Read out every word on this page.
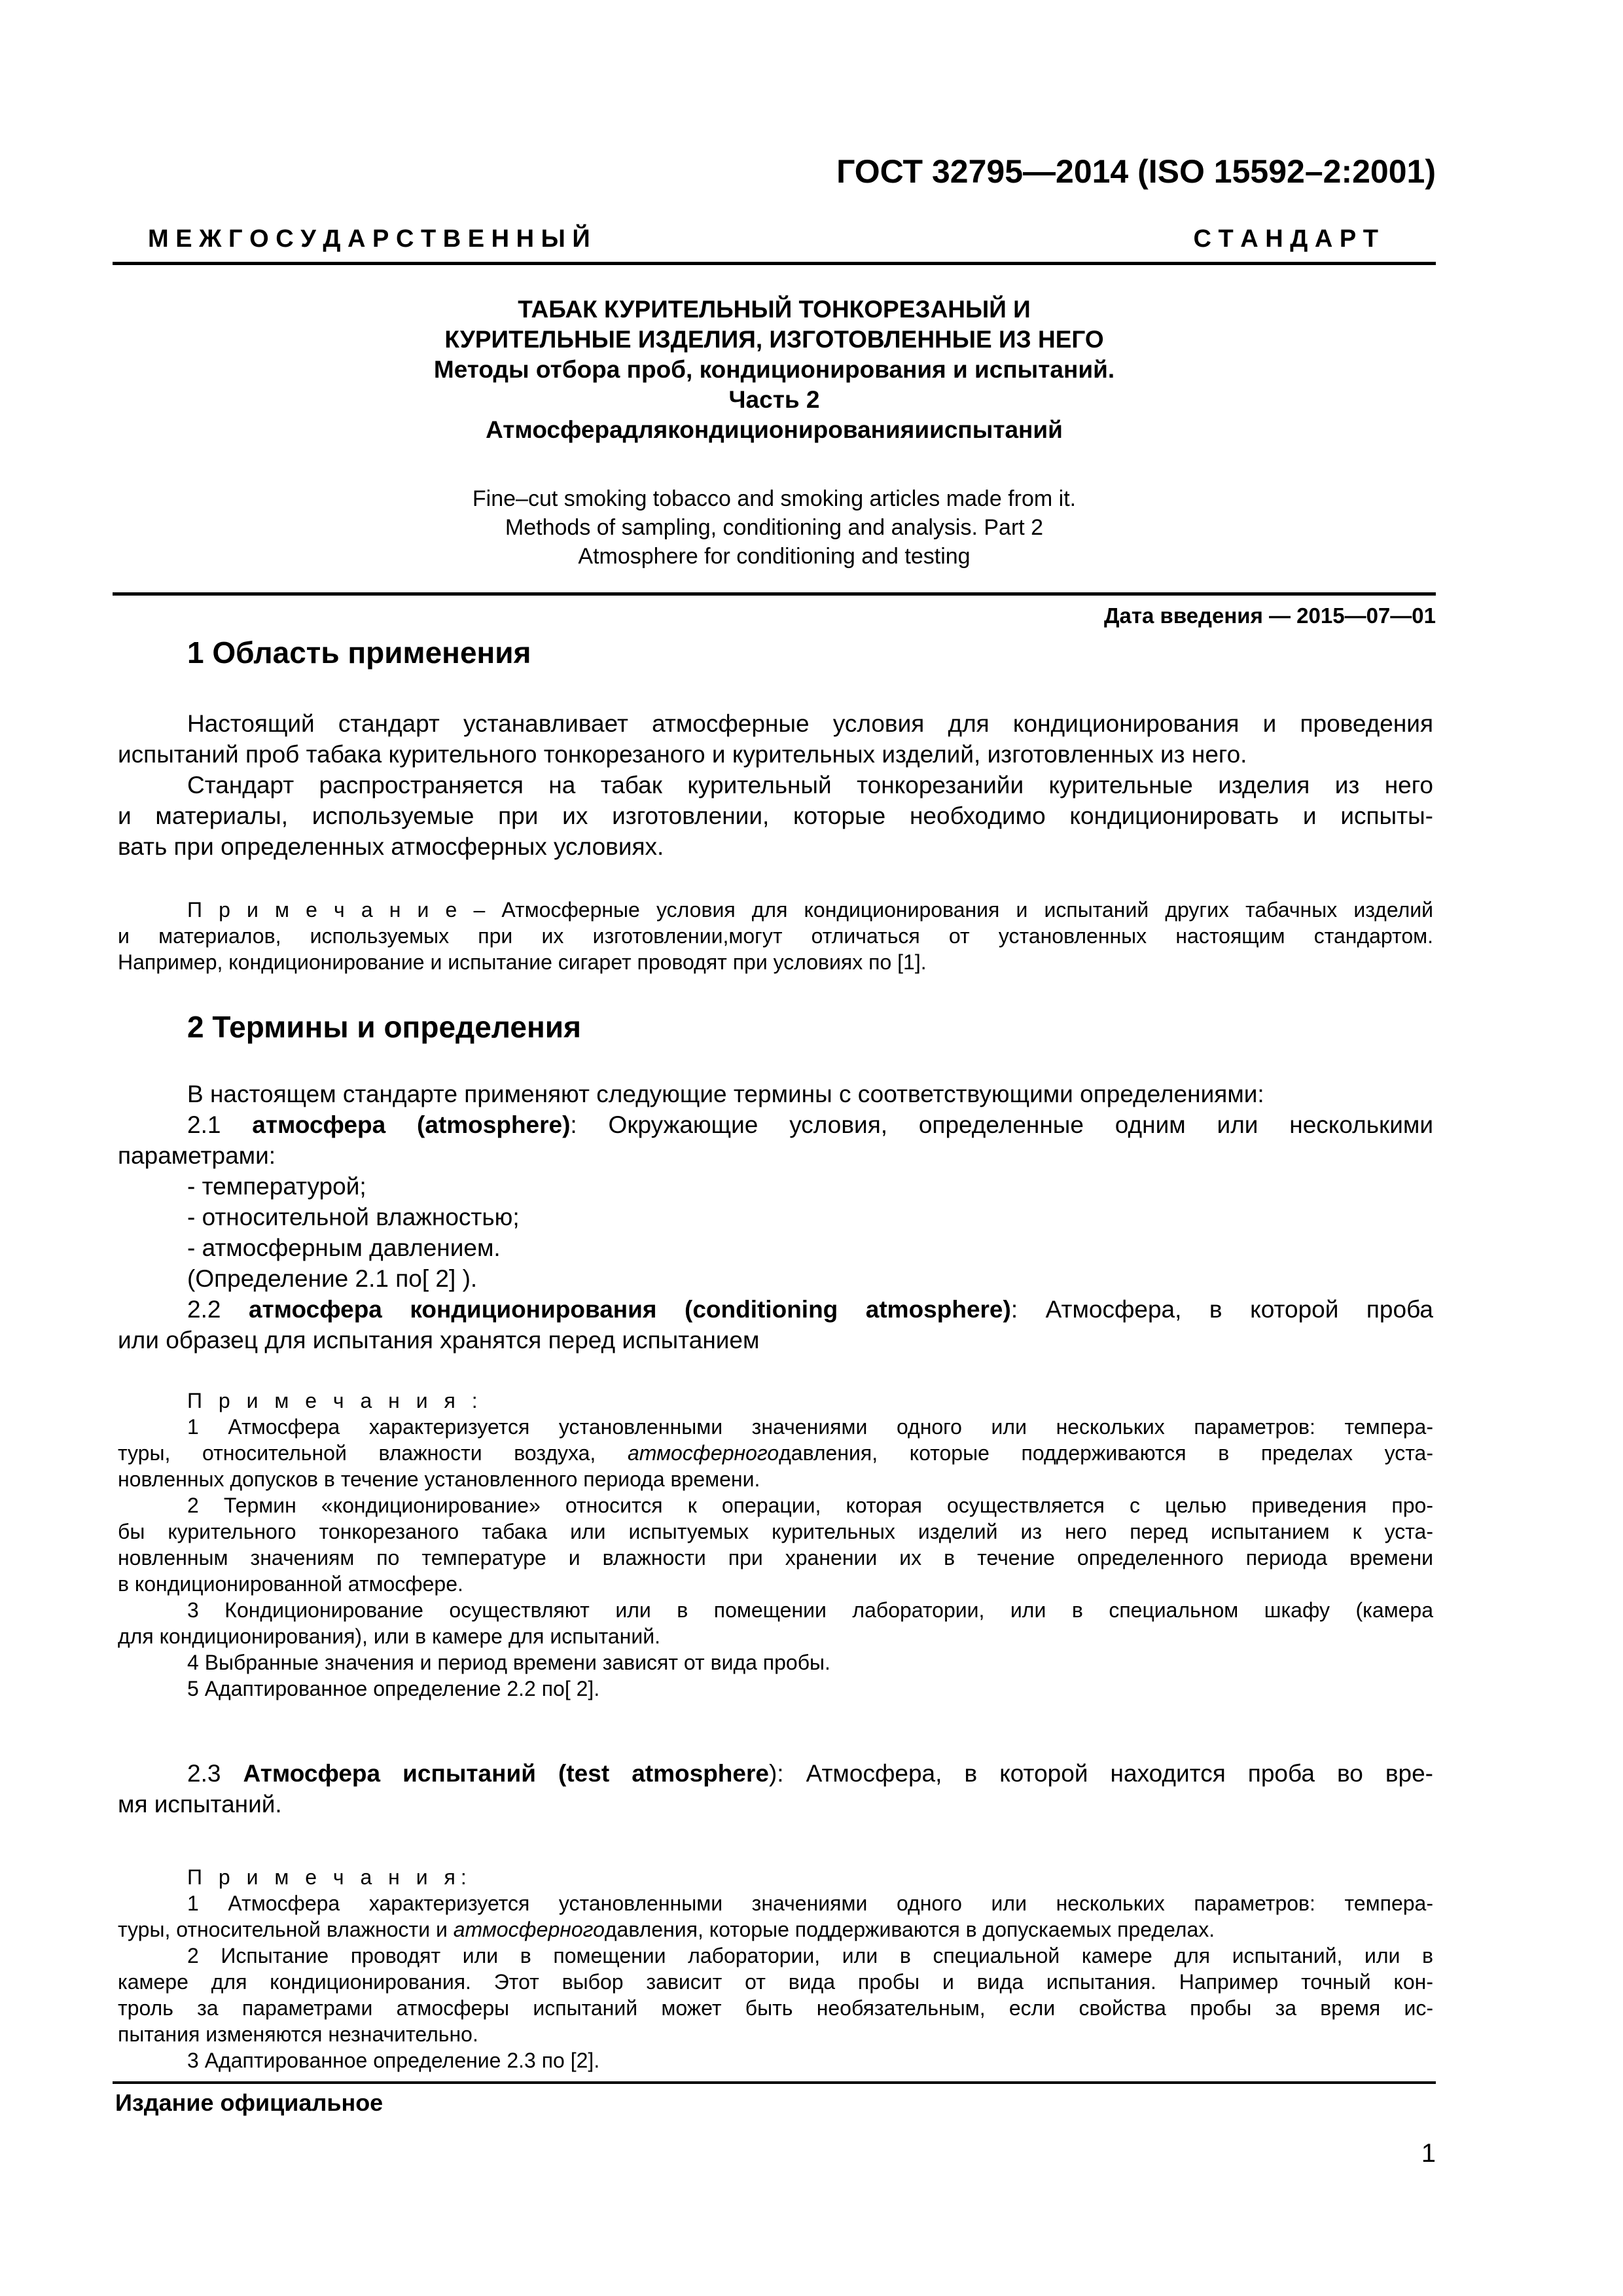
ГОСТ 32795—2014 (ISO 15592–2:2001)
М Е Ж Г О С У Д А Р С Т В Е Н Н Ы Й	С Т А Н Д А Р Т
ТАБАК КУРИТЕЛЬНЫЙ ТОНКОРЕЗАНЫЙ И
КУРИТЕЛЬНЫЕ ИЗДЕЛИЯ, ИЗГОТОВЛЕННЫЕ ИЗ НЕГО
Методы отбора проб, кондиционирования и испытаний.
Часть 2
Атмосферадлякондиционированияииспытаний
Fine–cut smoking tobacco and smoking articles made from it.
Methods of sampling, conditioning and analysis. Part 2
Atmosphere for conditioning and testing
Дата введения — 2015—07—01
1 Область применения
Настоящий стандарт устанавливает атмосферные условия для кондиционирования и проведения
испытаний проб табака курительного тонкорезаного и курительных изделий, изготовленных из него.
Стандарт распространяется на табак курительный тонкорезанийи курительные изделия из него
и материалы, используемые при их изготовлении, которые необходимо кондиционировать и испыты-
вать при определенных атмосферных условиях.
П р и м е ч а н и е – Атмосферные условия для кондиционирования и испытаний других табачных изделий
и материалов, используемых при их изготовлении,могут отличаться от установленных настоящим стандартом.
Например, кондиционирование и испытание сигарет проводят при условиях по [1].
2 Термины и определения
В настоящем стандарте применяют следующие термины с соответствующими определениями:
2.1 атмосфера (atmosphere): Окружающие условия, определенные одним или несколькими
параметрами:
- температурой;
- относительной влажностью;
- атмосферным давлением.
(Определение 2.1 по[ 2] ).
2.2 атмосфера кондиционирования (conditioning atmosphere): Атмосфера, в которой проба
или образец для испытания хранятся перед испытанием
П р и м е ч а н и я :
1 Атмосфера характеризуется установленными значениями одного или нескольких параметров: темпера-
туры, относительной влажности воздуха, атмосферногодавления, которые поддерживаются в пределах уста-
новленных допусков в течение установленного периода времени.
2 Термин «кондиционирование» относится к операции, которая осуществляется с целью приведения про-
бы курительного тонкорезаного табака или испытуемых курительных изделий из него перед испытанием к уста-
новленным значениям по температуре и влажности при хранении их в течение определенного периода времени
в кондиционированной атмосфере.
3 Кондиционирование осуществляют или в помещении лаборатории, или в специальном шкафу (камера
для кондиционирования), или в камере для испытаний.
4 Выбранные значения и период времени зависят от вида пробы.
5 Адаптированное определение 2.2 по[ 2].
2.3 Атмосфера испытаний (test atmosphere): Атмосфера, в которой находится проба во вре-
мя испытаний.
П р и м е ч а н и я:
1 Атмосфера характеризуется установленными значениями одного или нескольких параметров: темпера-
туры, относительной влажности и атмосферногодавления, которые поддерживаются в допускаемых пределах.
2 Испытание проводят или в помещении лаборатории, или в специальной камере для испытаний, или в
камере для кондиционирования. Этот выбор зависит от вида пробы и вида испытания. Например точный кон-
троль за параметрами атмосферы испытаний может быть необязательным, если свойства пробы за время ис-
пытания изменяются незначительно.
3 Адаптированное определение 2.3 по [2].
Издание официальное
1
